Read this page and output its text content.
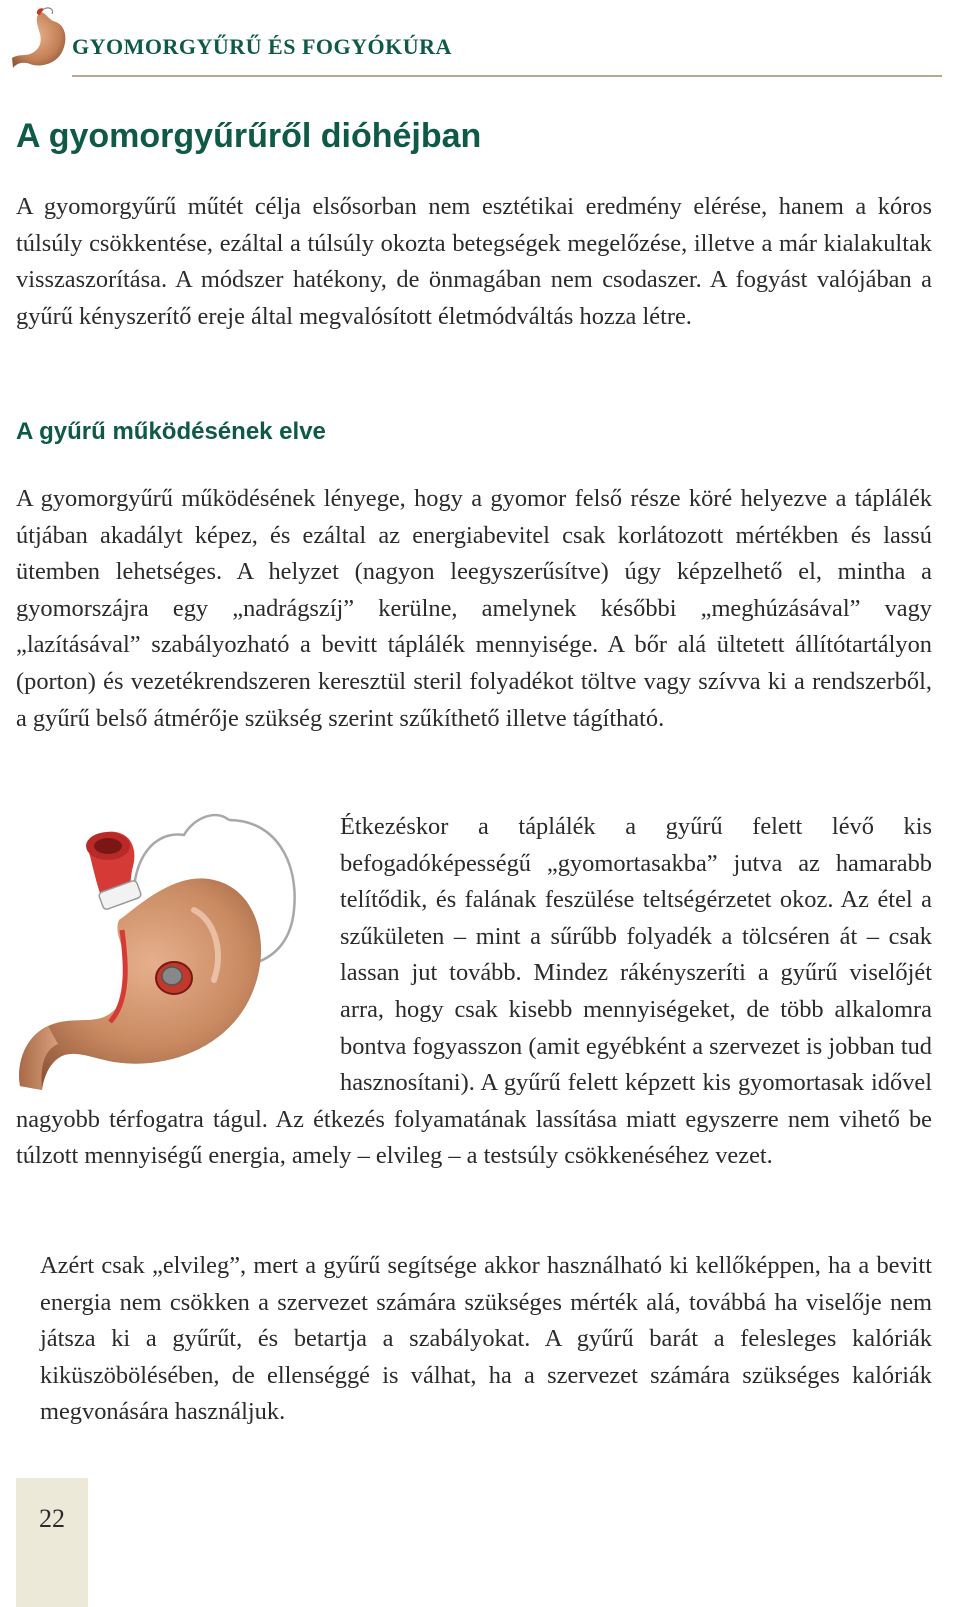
GYOMORGYŰRŰ ÉS FOGYÓKÚRA
A gyomorgyűrűről dióhéjban

A gyomorgyűrű műtét célja elsősorban nem esztétikai eredmény elérése, hanem a kóros túlsúly csökkentése, ezáltal a túlsúly okozta betegségek megelőzése, illetve a már kialakultak visszaszorítása. A módszer hatékony, de önmagában nem csodaszer. A fogyást valójában a gyűrű kényszerítő ereje által megvalósított életmódváltás hozza létre.

A gyűrű működésének elve

A gyomorgyűrű működésének lényege, hogy a gyomor felső része köré helyezve a táplálék útjában akadályt képez, és ezáltal az energiabevitel csak korlátozott mértékben és lassú ütemben lehetséges. A helyzet (nagyon leegyszerűsítve) úgy képzelhető el, mintha a gyomorszájra egy „nadrágszíj” kerülne, amelynek későbbi „meghúzásával” vagy „lazításával” szabályozható a bevitt táplálék mennyisége. A bőr alá ültetett állítótartályon (porton) és vezetékrendszeren keresztül steril folyadékot töltve vagy szívva ki a rendszerből, a gyűrű belső átmérője szükség szerint szűkíthető illetve tágítható.

Étkezéskor a táplálék a gyűrű felett lévő kis befogadóképességű „gyomortasakba” jutva az hamarabb telítődik, és falának feszülése teltségérzetet okoz. Az étel a szűkületen – mint a sűrűbb folyadék a tölcséren át – csak lassan jut tovább. Mindez rákényszeríti a gyűrű viselőjét arra, hogy csak kisebb mennyiségeket, de több alkalomra bontva fogyasszon (amit egyébként a szervezet is jobban tud hasznosítani). A gyűrű felett képzett kis gyomortasak idővel nagyobb térfogatra tágul. Az étkezés folyamatának lassítása miatt egyszerre nem vihető be túlzott mennyiségű energia, amely – elvileg – a testsúly csökkenéséhez vezet.

Azért csak „elvileg”, mert a gyűrű segítsége akkor használható ki kellőképpen, ha a bevitt energia nem csökken a szervezet számára szükséges mérték alá, továbbá ha viselője nem játsza ki a gyűrűt, és betartja a szabályokat. A gyűrű barát a felesleges kalóriák kiküszöbölésében, de ellenséggé is válhat, ha a szervezet számára szükséges kalóriák megvonására használjuk.

22
